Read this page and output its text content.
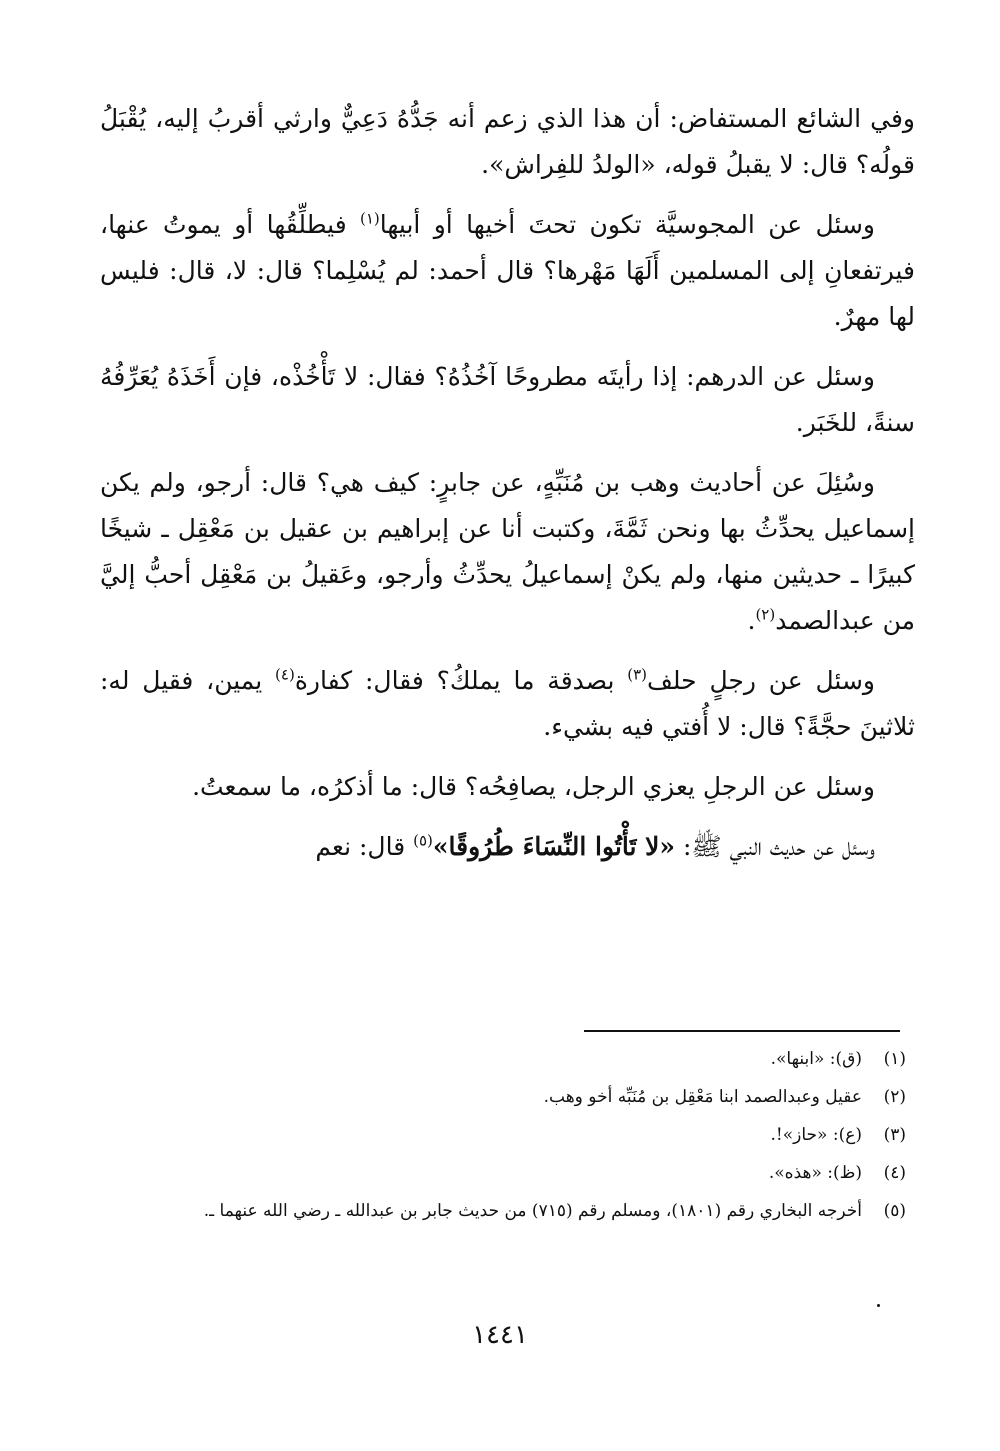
وفي الشائع المستفاض: أن هذا الذي زعم أنه جَدُّهُ دَعِيٌّ وارثي أقربُ إليه، يُقْبَلُ قولُه؟ قال: لا يقبلُ قوله، «الولدُ للفِراش».

وسئل عن المجوسيَّة تكون تحتَ أخيها أو أبيها$^{(١)}$ فيطلِّقُها أو يموتُ عنها، فيرتفعانِ إلى المسلمين أَلَهَا مَهْرها؟ قال أحمد: لم يُسْلِما؟ قال: لا، قال: فليس لها مهرٌ.

وسئل عن الدرهم: إذا رأيتَه مطروحًا آخُذُهُ؟ فقال: لا تَأْخُذْه، فإن أَخَذَهُ يُعَرِّفُهُ سنةً، للخَبَر.

وسُئِلَ عن أحاديث وهب بن مُنَبِّهٍ، عن جابرٍ: كيف هي؟ قال: أرجو، ولم يكن إسماعيل يحدِّثُ بها ونحن ثَمَّةَ، وكتبت أنا عن إبراهيم بن عقيل بن مَعْقِل ـ شيخًا كبيرًا ـ حديثين منها، ولم يكنْ إسماعيلُ يحدِّثُ وأرجو، وعَقيلُ بن مَعْقِل أحبُّ إليَّ من عبدالصمد$^{(٢)}$.

وسئل عن رجلٍ حلف$^{(٣)}$ بصدقة ما يملكُ؟ فقال: كفارة$^{(٤)}$ يمين، فقيل له: ثلاثينَ حجَّةً؟ قال: لا أُفتي فيه بشيء.

وسئل عن الرجلِ يعزي الرجل، يصافِحُه؟ قال: ما أذكرُه، ما سمعتُ.

وسئل عن حديث النبي ﷺ: «لا تَأْتُوا النِّسَاءَ طُرُوقًا»$^{(٥)}$ قال: نعم

(١)
(ق): «ابنها».
(٢)
عقيل وعبدالصمد ابنا مَعْقِل بن مُنَبِّه أخو وهب.
(٣)
(ع): «حاز»!.
(٤)
(ظ): «هذه».
(٥)
أخرجه البخاري رقم (١٨٠١)، ومسلم رقم (٧١٥) من حديث جابر بن عبدالله ـ رضي الله عنهما ـ.
١٤٤١
